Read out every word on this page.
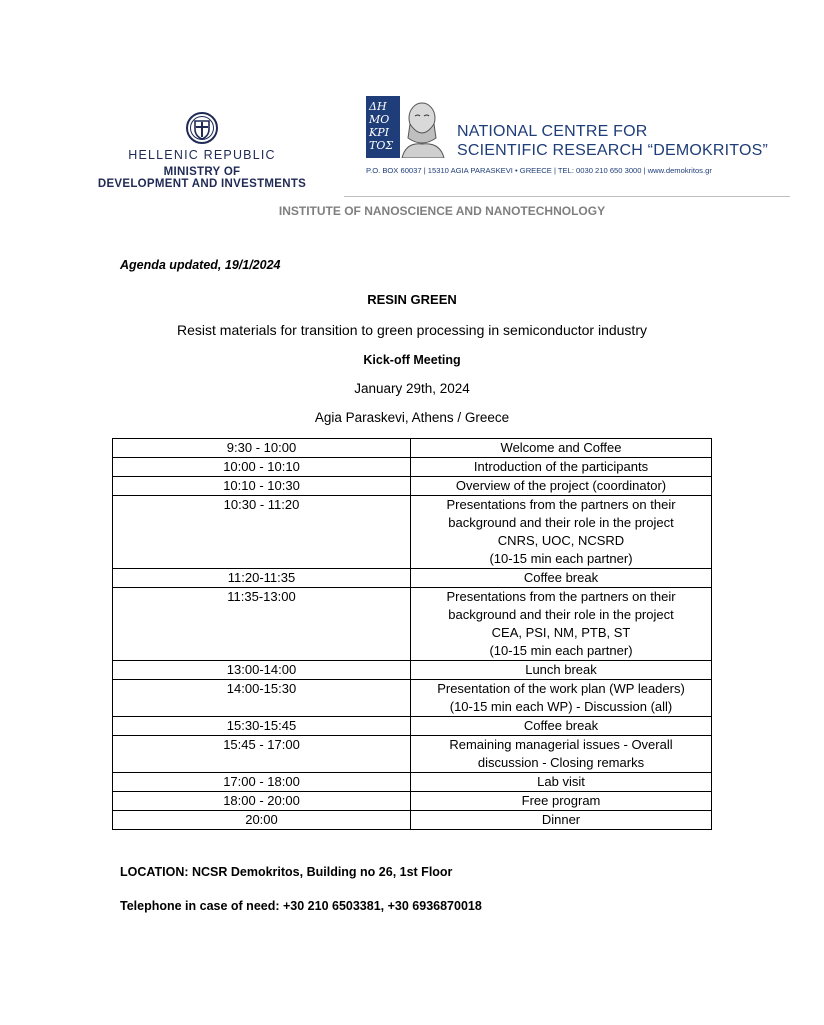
HELLENIC REPUBLIC
MINISTRY OF
DEVELOPMENT AND INVESTMENTS
ΔΗ
ΜΟ
ΚΡΙ
ΤΟΣ
NATIONAL CENTRE FOR
SCIENTIFIC RESEARCH “DEMOKRITOS”
P.O. BOX 60037 | 15310 AGIA PARASKEVI • GREECE | TEL: 0030 210 650 3000 | www.demokritos.gr
INSTITUTE OF NANOSCIENCE AND NANOTECHNOLOGY
Agenda updated, 19/1/2024
RESIN GREEN
Resist materials for transition to green processing in semiconductor industry
Kick-off Meeting
January 29th, 2024
Agia Paraskevi, Athens / Greece
9:30 - 10:00	Welcome and Coffee

10:00 - 10:10	Introduction of the participants

10:10 - 10:30	Overview of the project (coordinator)

10:30 - 11:20	Presentations from the partners on their
background and their role in the project
CNRS, UOC, NCSRD
(10-15 min each partner)

11:20-11:35	Coffee break

11:35-13:00	Presentations from the partners on their
background and their role in the project
CEA, PSI, NM, PTB, ST
(10-15 min each partner)

13:00-14:00	Lunch break

14:00-15:30	Presentation of the work plan (WP leaders)
(10-15 min each WP) - Discussion (all)

15:30-15:45	Coffee break

15:45 - 17:00	Remaining managerial issues - Overall
discussion - Closing remarks

17:00 - 18:00	Lab visit

18:00 - 20:00	Free program

20:00	Dinner
LOCATION: NCSR Demokritos, Building no 26, 1st Floor
Telephone in case of need: +30 210 6503381, +30 6936870018
